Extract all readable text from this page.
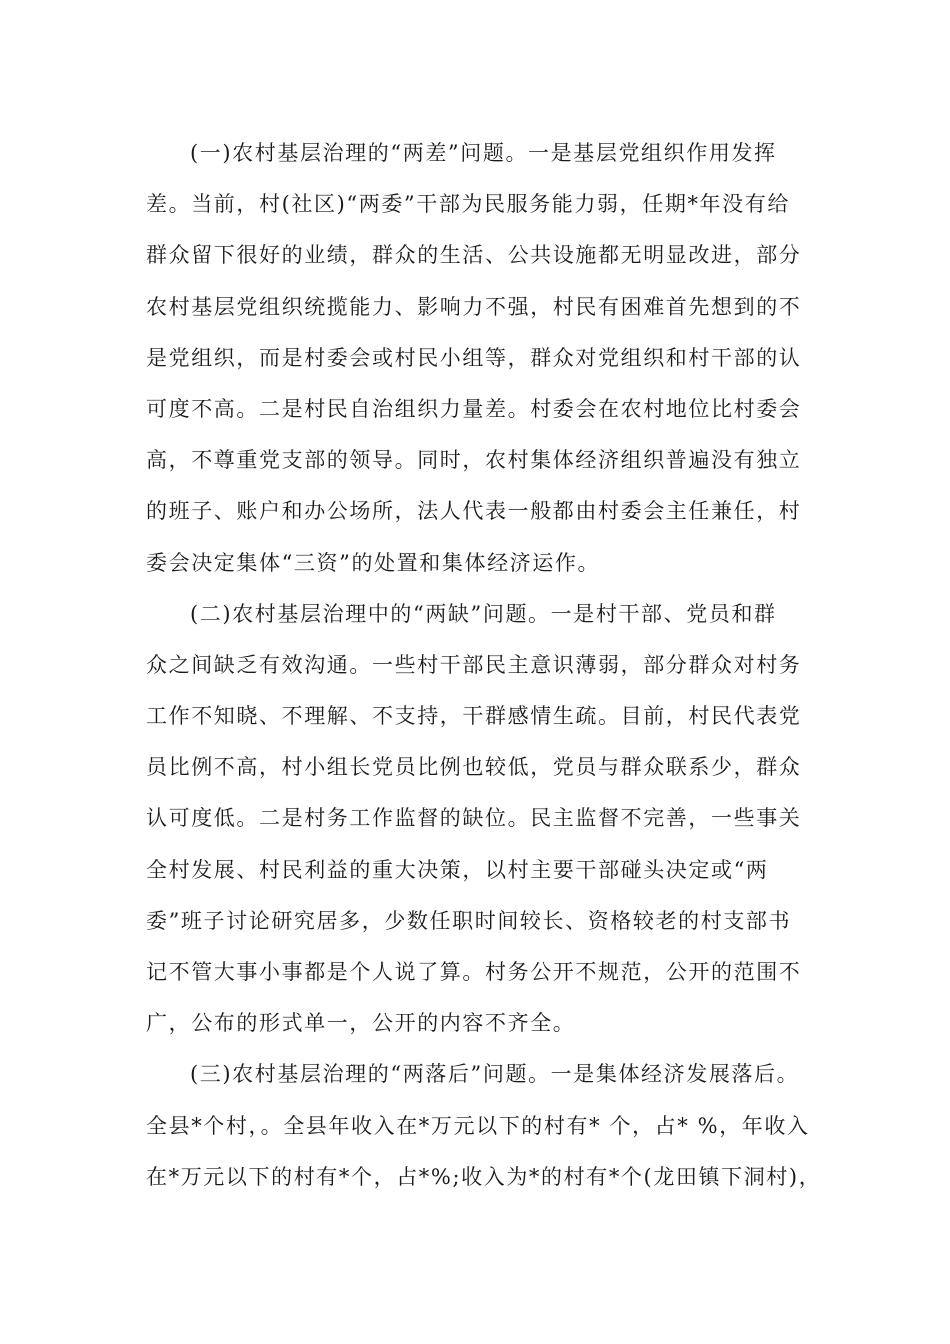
(一)农村基层治理的“两差”问题。一是基层党组织作用发挥
差。当前，村(社区)“两委”干部为民服务能力弱，任期*年没有给
群众留下很好的业绩，群众的生活、公共设施都无明显改进，部分
农村基层党组织统揽能力、影响力不强，村民有困难首先想到的不
是党组织，而是村委会或村民小组等，群众对党组织和村干部的认
可度不高。二是村民自治组织力量差。村委会在农村地位比村委会
高，不尊重党支部的领导。同时，农村集体经济组织普遍没有独立
的班子、账户和办公场所，法人代表一般都由村委会主任兼任，村
委会决定集体“三资”的处置和集体经济运作。
(二)农村基层治理中的“两缺”问题。一是村干部、党员和群
众之间缺乏有效沟通。一些村干部民主意识薄弱，部分群众对村务
工作不知晓、不理解、不支持，干群感情生疏。目前，村民代表党
员比例不高，村小组长党员比例也较低，党员与群众联系少，群众
认可度低。二是村务工作监督的缺位。民主监督不完善，一些事关
全村发展、村民利益的重大决策，以村主要干部碰头决定或“两
委”班子讨论研究居多，少数任职时间较长、资格较老的村支部书
记不管大事小事都是个人说了算。村务公开不规范，公开的范围不
广，公布的形式单一，公开的内容不齐全。
(三)农村基层治理的“两落后”问题。一是集体经济发展落后。
全县*个村，。全县年收入在*万元以下的村有* 个，占* %，年收入
在*万元以下的村有*个，占*%;收入为*的村有*个(龙田镇下洞村)，
